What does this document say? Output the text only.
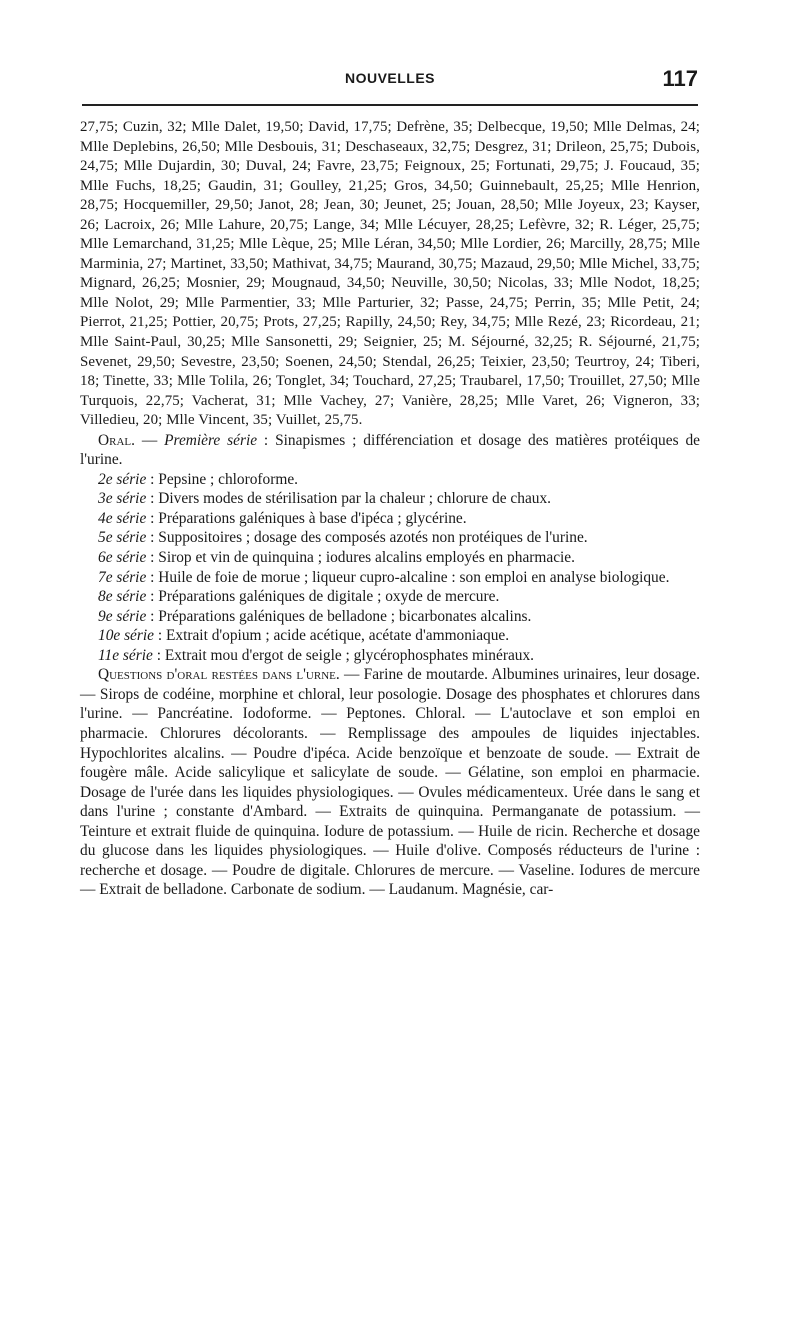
NOUVELLES	117

27,75; Cuzin, 32; Mlle Dalet, 19,50; David, 17,75; Defrène, 35; Delbecque, 19,50; Mlle Delmas, 24; Mlle Deplebins, 26,50; Mlle Desbouis, 31; Deschaseaux, 32,75; Desgrez, 31; Drileon, 25,75; Dubois, 24,75; Mlle Dujardin, 30; Duval, 24; Favre, 23,75; Feignoux, 25; Fortunati, 29,75; J. Foucaud, 35; Mlle Fuchs, 18,25; Gaudin, 31; Goulley, 21,25; Gros, 34,50; Guinnebault, 25,25; Mlle Henrion, 28,75; Hocquemiller, 29,50; Janot, 28; Jean, 30; Jeunet, 25; Jouan, 28,50; Mlle Joyeux, 23; Kayser, 26; Lacroix, 26; Mlle Lahure, 20,75; Lange, 34; Mlle Lécuyer, 28,25; Lefèvre, 32; R. Léger, 25,75; Mlle Lemarchand, 31,25; Mlle Lèque, 25; Mlle Léran, 34,50; Mlle Lordier, 26; Marcilly, 28,75; Mlle Marminia, 27; Martinet, 33,50; Mathivat, 34,75; Maurand, 30,75; Mazaud, 29,50; Mlle Michel, 33,75; Mignard, 26,25; Mosnier, 29; Mougnaud, 34,50; Neuville, 30,50; Nicolas, 33; Mlle Nodot, 18,25; Mlle Nolot, 29; Mlle Parmentier, 33; Mlle Parturier, 32; Passe, 24,75; Perrin, 35; Mlle Petit, 24; Pierrot, 21,25; Pottier, 20,75; Prots, 27,25; Rapilly, 24,50; Rey, 34,75; Mlle Rezé, 23; Ricordeau, 21; Mlle Saint-Paul, 30,25; Mlle Sansonetti, 29; Seignier, 25; M. Séjourné, 32,25; R. Séjourné, 21,75; Sevenet, 29,50; Sevestre, 23,50; Soenen, 24,50; Stendal, 26,25; Teixier, 23,50; Teurtroy, 24; Tiberi, 18; Tinette, 33; Mlle Tolila, 26; Tonglet, 34; Touchard, 27,25; Traubarel, 17,50; Trouillet, 27,50; Mlle Turquois, 22,75; Vacherat, 31; Mlle Vachey, 27; Vanière, 28,25; Mlle Varet, 26; Vigneron, 33; Villedieu, 20; Mlle Vincent, 35; Vuillet, 25,75.

Oral. — Première série : Sinapismes ; différenciation et dosage des matières protéiques de l'urine.

2e série : Pepsine ; chloroforme.

3e série : Divers modes de stérilisation par la chaleur ; chlorure de chaux.

4e série : Préparations galéniques à base d'ipéca ; glycérine.

5e série : Suppositoires ; dosage des composés azotés non protéiques de l'urine.

6e série : Sirop et vin de quinquina ; iodures alcalins employés en pharmacie.

7e série : Huile de foie de morue ; liqueur cupro-alcaline : son emploi en analyse biologique.

8e série : Préparations galéniques de digitale ; oxyde de mercure.

9e série : Préparations galéniques de belladone ; bicarbonates alcalins.

10e série : Extrait d'opium ; acide acétique, acétate d'ammoniaque.

11e série : Extrait mou d'ergot de seigle ; glycérophosphates minéraux.

Questions d'oral restées dans l'urne. — Farine de moutarde. Albumines urinaires, leur dosage. — Sirops de codéine, morphine et chloral, leur posologie. Dosage des phosphates et chlorures dans l'urine. — Pancréatine. Iodoforme. — Peptones. Chloral. — L'autoclave et son emploi en pharmacie. Chlorures décolorants. — Remplissage des ampoules de liquides injectables. Hypochlorites alcalins. — Poudre d'ipéca. Acide benzoïque et benzoate de soude. — Extrait de fougère mâle. Acide salicylique et salicylate de soude. — Gélatine, son emploi en pharmacie. Dosage de l'urée dans les liquides physiologiques. — Ovules médicamenteux. Urée dans le sang et dans l'urine ; constante d'Ambard. — Extraits de quinquina. Permanganate de potassium. — Teinture et extrait fluide de quinquina. Iodure de potassium. — Huile de ricin. Recherche et dosage du glucose dans les liquides physiologiques. — Huile d'olive. Composés réducteurs de l'urine : recherche et dosage. — Poudre de digitale. Chlorures de mercure. — Vaseline. Iodures de mercure — Extrait de belladone. Carbonate de sodium. — Laudanum. Magnésie, car-
